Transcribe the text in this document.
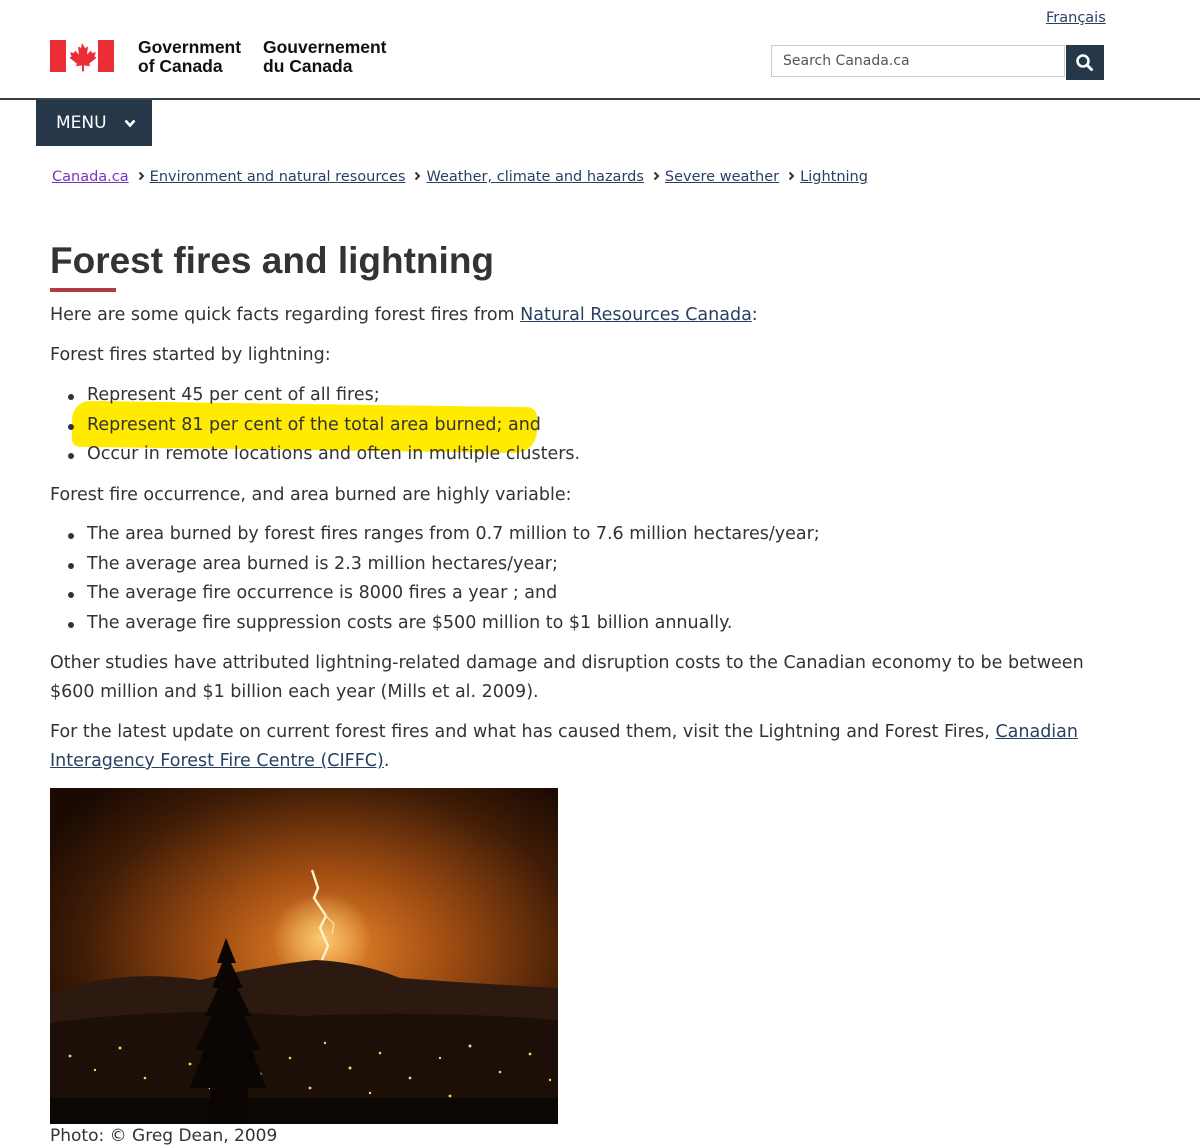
Français
Government
of Canada
Gouvernement
du Canada
Search Canada.ca
MENU
Canada.ca Environment and natural resources Weather, climate and hazards Severe weather Lightning
Forest fires and lightning
Here are some quick facts regarding forest fires from Natural Resources Canada:
Forest fires started by lightning:
Represent 45 per cent of all fires;
Represent 81 per cent of the total area burned; and
Occur in remote locations and often in multiple clusters.
Forest fire occurrence, and area burned are highly variable:
The area burned by forest fires ranges from 0.7 million to 7.6 million hectares/year;
The average area burned is 2.3 million hectares/year;
The average fire occurrence is 8000 fires a year ; and
The average fire suppression costs are $500 million to $1 billion annually.
Other studies have attributed lightning-related damage and disruption costs to the Canadian economy to be between
$600 million and $1 billion each year (Mills et al. 2009).
For the latest update on current forest fires and what has caused them, visit the Lightning and Forest Fires, Canadian
Interagency Forest Fire Centre (CIFFC).
Photo: © Greg Dean, 2009
